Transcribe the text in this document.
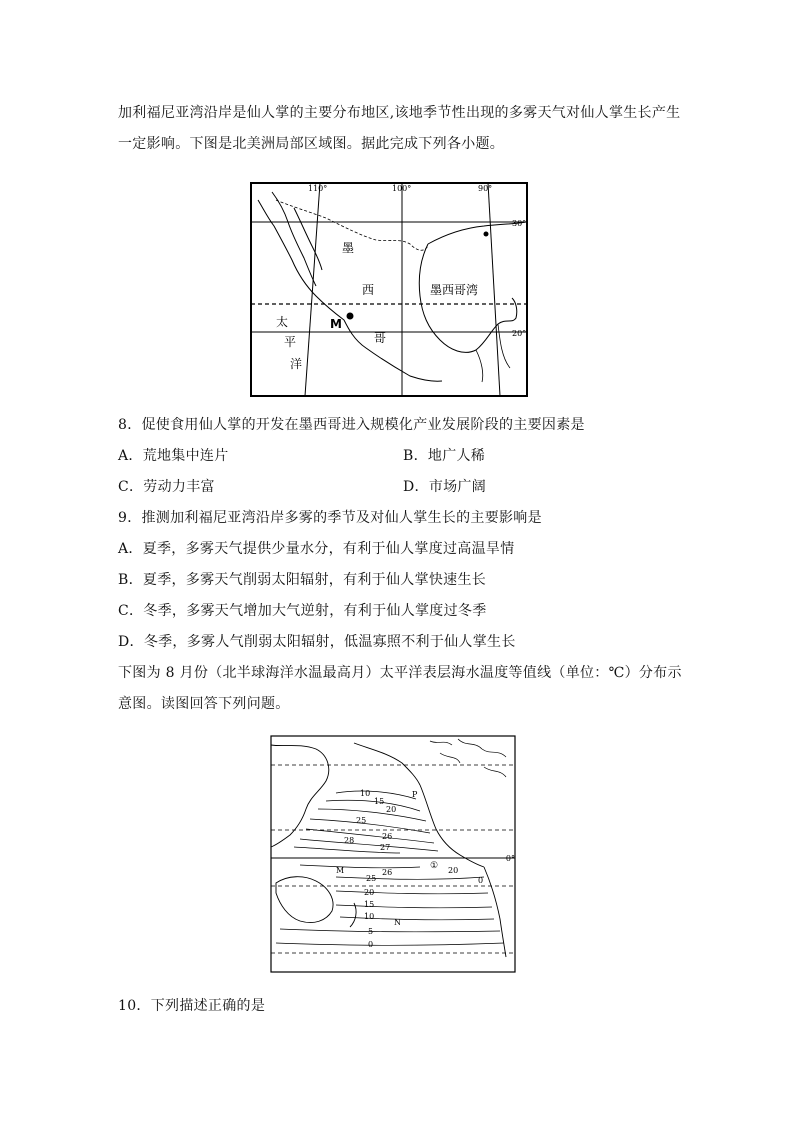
加利福尼亚湾沿岸是仙人掌的主要分布地区,该地季节性出现的多雾天气对仙人掌生长产生
一定影响。下图是北美洲局部区域图。据此完成下列各小题。
110°	100°	90°
30°
20°
墨
西
哥
墨西哥湾
太
平
洋
M
8．促使食用仙人掌的开发在墨西哥进入规模化产业发展阶段的主要因素是
A．荒地集中连片	B．地广人稀
C．劳动力丰富	D．市场广阔
9．推测加利福尼亚湾沿岸多雾的季节及对仙人掌生长的主要影响是
A．夏季，多雾天气提供少量水分，有利于仙人掌度过高温旱情
B．夏季，多雾天气削弱太阳辐射，有利于仙人掌快速生长
C．冬季，多雾天气增加大气逆射，有利于仙人掌度过冬季
D．冬季，多雾人气削弱太阳辐射，低温寡照不利于仙人掌生长
下图为 8 月份（北半球海洋水温最高月）太平洋表层海水温度等值线（单位：℃）分布示
意图。读图回答下列问题。
10
15
20
25
26
27
28
26
25
20
15
10
5
0
0°
① 20
0
P
M
N
10．下列描述正确的是
